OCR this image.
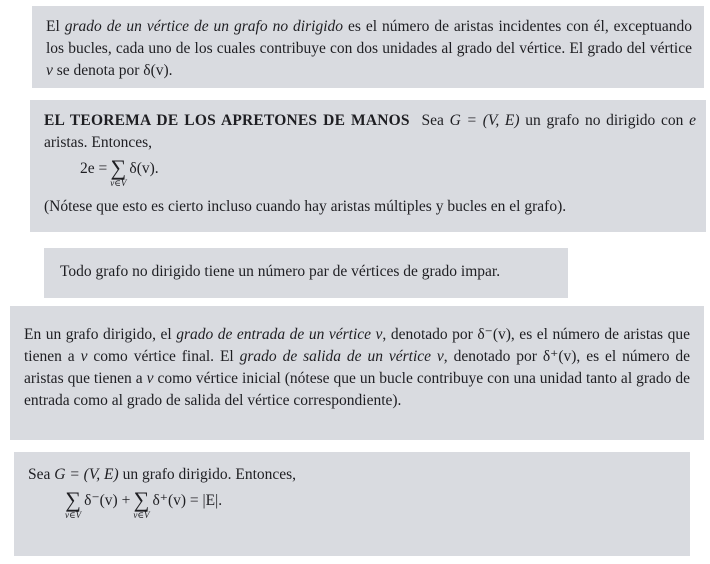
El grado de un vértice de un grafo no dirigido es el número de aristas incidentes con él, exceptuando los bucles, cada uno de los cuales contribuye con dos unidades al grado del vértice. El grado del vértice v se denota por δ(v).

EL TEOREMA DE LOS APRETONES DE MANOS Sea G = (V, E) un grafo no dirigido con e aristas. Entonces,

2e = ∑
v∈V
δ(v).

(Nótese que esto es cierto incluso cuando hay aristas múltiples y bucles en el grafo).

Todo grafo no dirigido tiene un número par de vértices de grado impar.

En un grafo dirigido, el grado de entrada de un vértice v, denotado por δ⁻(v), es el número de aristas que tienen a v como vértice final. El grado de salida de un vértice v, denotado por δ⁺(v), es el número de aristas que tienen a v como vértice inicial (nótese que un bucle contribuye con una unidad tanto al grado de entrada como al grado de salida del vértice correspondiente).

Sea G = (V, E) un grafo dirigido. Entonces,

∑
v∈V
δ⁻(v) + ∑
v∈V
δ⁺(v) = |E|.
